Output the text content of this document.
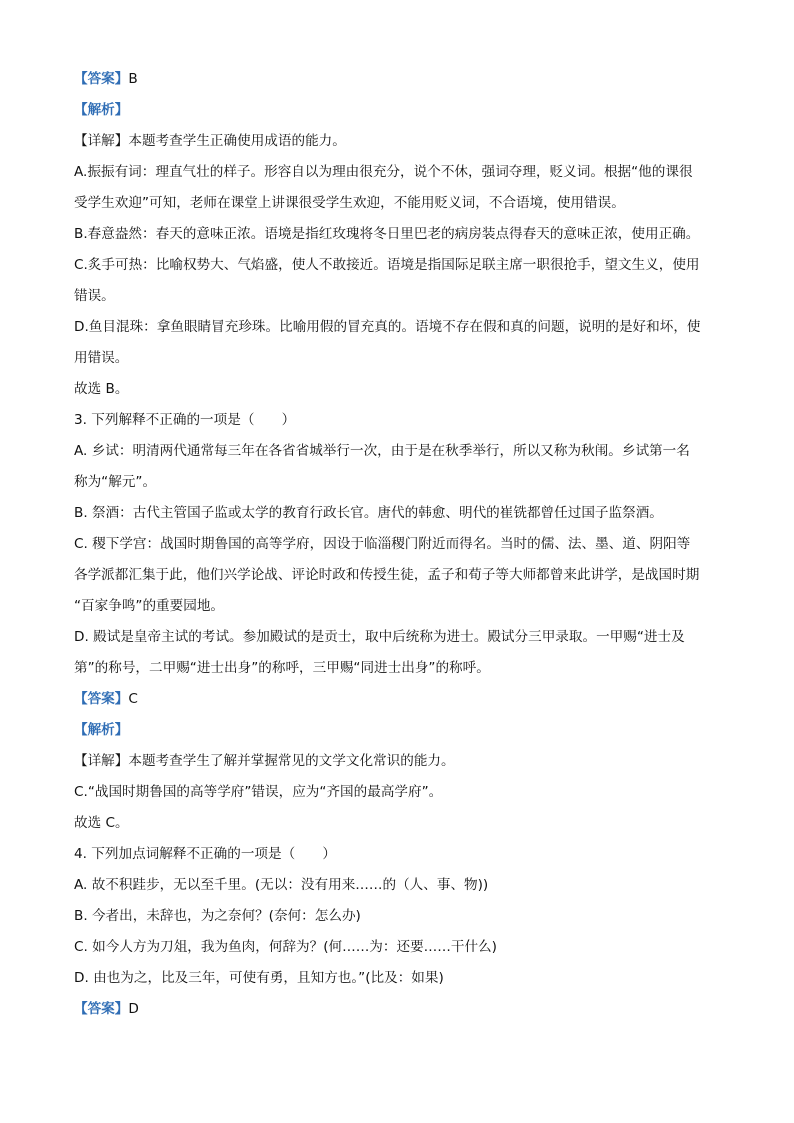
【答案】B
【解析】
【详解】本题考查学生正确使用成语的能力。
A.振振有词：理直气壮的样子。形容自以为理由很充分，说个不休，强词夺理，贬义词。根据“他的课很
受学生欢迎”可知，老师在课堂上讲课很受学生欢迎，不能用贬义词，不合语境，使用错误。
B.春意盎然：春天的意味正浓。语境是指红玫瑰将冬日里巴老的病房装点得春天的意味正浓，使用正确。
C.炙手可热：比喻权势大、气焰盛，使人不敢接近。语境是指国际足联主席一职很抢手，望文生义，使用
错误。
D.鱼目混珠：拿鱼眼睛冒充珍珠。比喻用假的冒充真的。语境不存在假和真的问题，说明的是好和坏，使
用错误。
故选 B。
3. 下列解释不正确的一项是（　　）
A. 乡试：明清两代通常每三年在各省省城举行一次，由于是在秋季举行，所以又称为秋闱。乡试第一名
称为“解元”。
B. 祭酒：古代主管国子监或太学的教育行政长官。唐代的韩愈、明代的崔铣都曾任过国子监祭酒。
C. 稷下学宫：战国时期鲁国的高等学府，因设于临淄稷门附近而得名。当时的儒、法、墨、道、阴阳等
各学派都汇集于此，他们兴学论战、评论时政和传授生徒，孟子和荀子等大师都曾来此讲学，是战国时期
“百家争鸣”的重要园地。
D. 殿试是皇帝主试的考试。参加殿试的是贡士，取中后统称为进士。殿试分三甲录取。一甲赐“进士及
第”的称号，二甲赐“进士出身”的称呼，三甲赐“同进士出身”的称呼。
【答案】C
【解析】
【详解】本题考查学生了解并掌握常见的文学文化常识的能力。
C.“战国时期鲁国的高等学府”错误，应为“齐国的最高学府”。
故选 C。
4. 下列加点词解释不正确的一项是（　　）
A. 故不积跬步，无以至千里。(无以：没有用来……的（人、事、物))
B. 今者出，未辞也，为之奈何？(奈何：怎么办)
C. 如今人方为刀俎，我为鱼肉，何辞为？(何……为：还要……干什么)
D. 由也为之，比及三年，可使有勇，且知方也。”(比及：如果)
【答案】D
